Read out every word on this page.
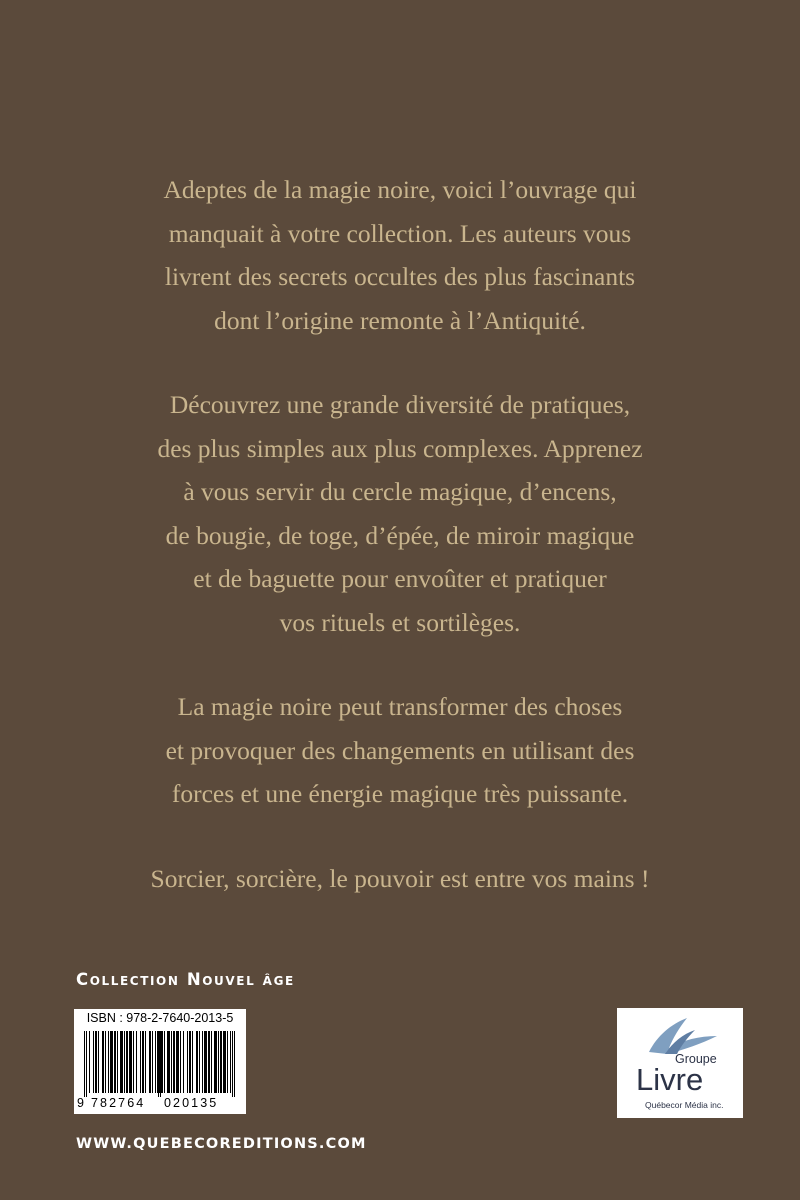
Adeptes de la magie noire, voici l’ouvrage qui
manquait à votre collection. Les auteurs vous
livrent des secrets occultes des plus fascinants
dont l’origine remonte à l’Antiquité.

Découvrez une grande diversité de pratiques,
des plus simples aux plus complexes. Apprenez
à vous servir du cercle magique, d’encens,
de bougie, de toge, d’épée, de miroir magique
et de baguette pour envoûter et pratiquer
vos rituels et sortilèges.

La magie noire peut transformer des choses
et provoquer des changements en utilisant des
forces et une énergie magique très puissante.

Sorcier, sorcière, le pouvoir est entre vos mains !

Collection Nouvel âge
ISBN : 978-2-7640-2013-5
9 782764 020135
Groupe
Livre
Québecor Média inc.
WWW.QUEBECOREDITIONS.COM
